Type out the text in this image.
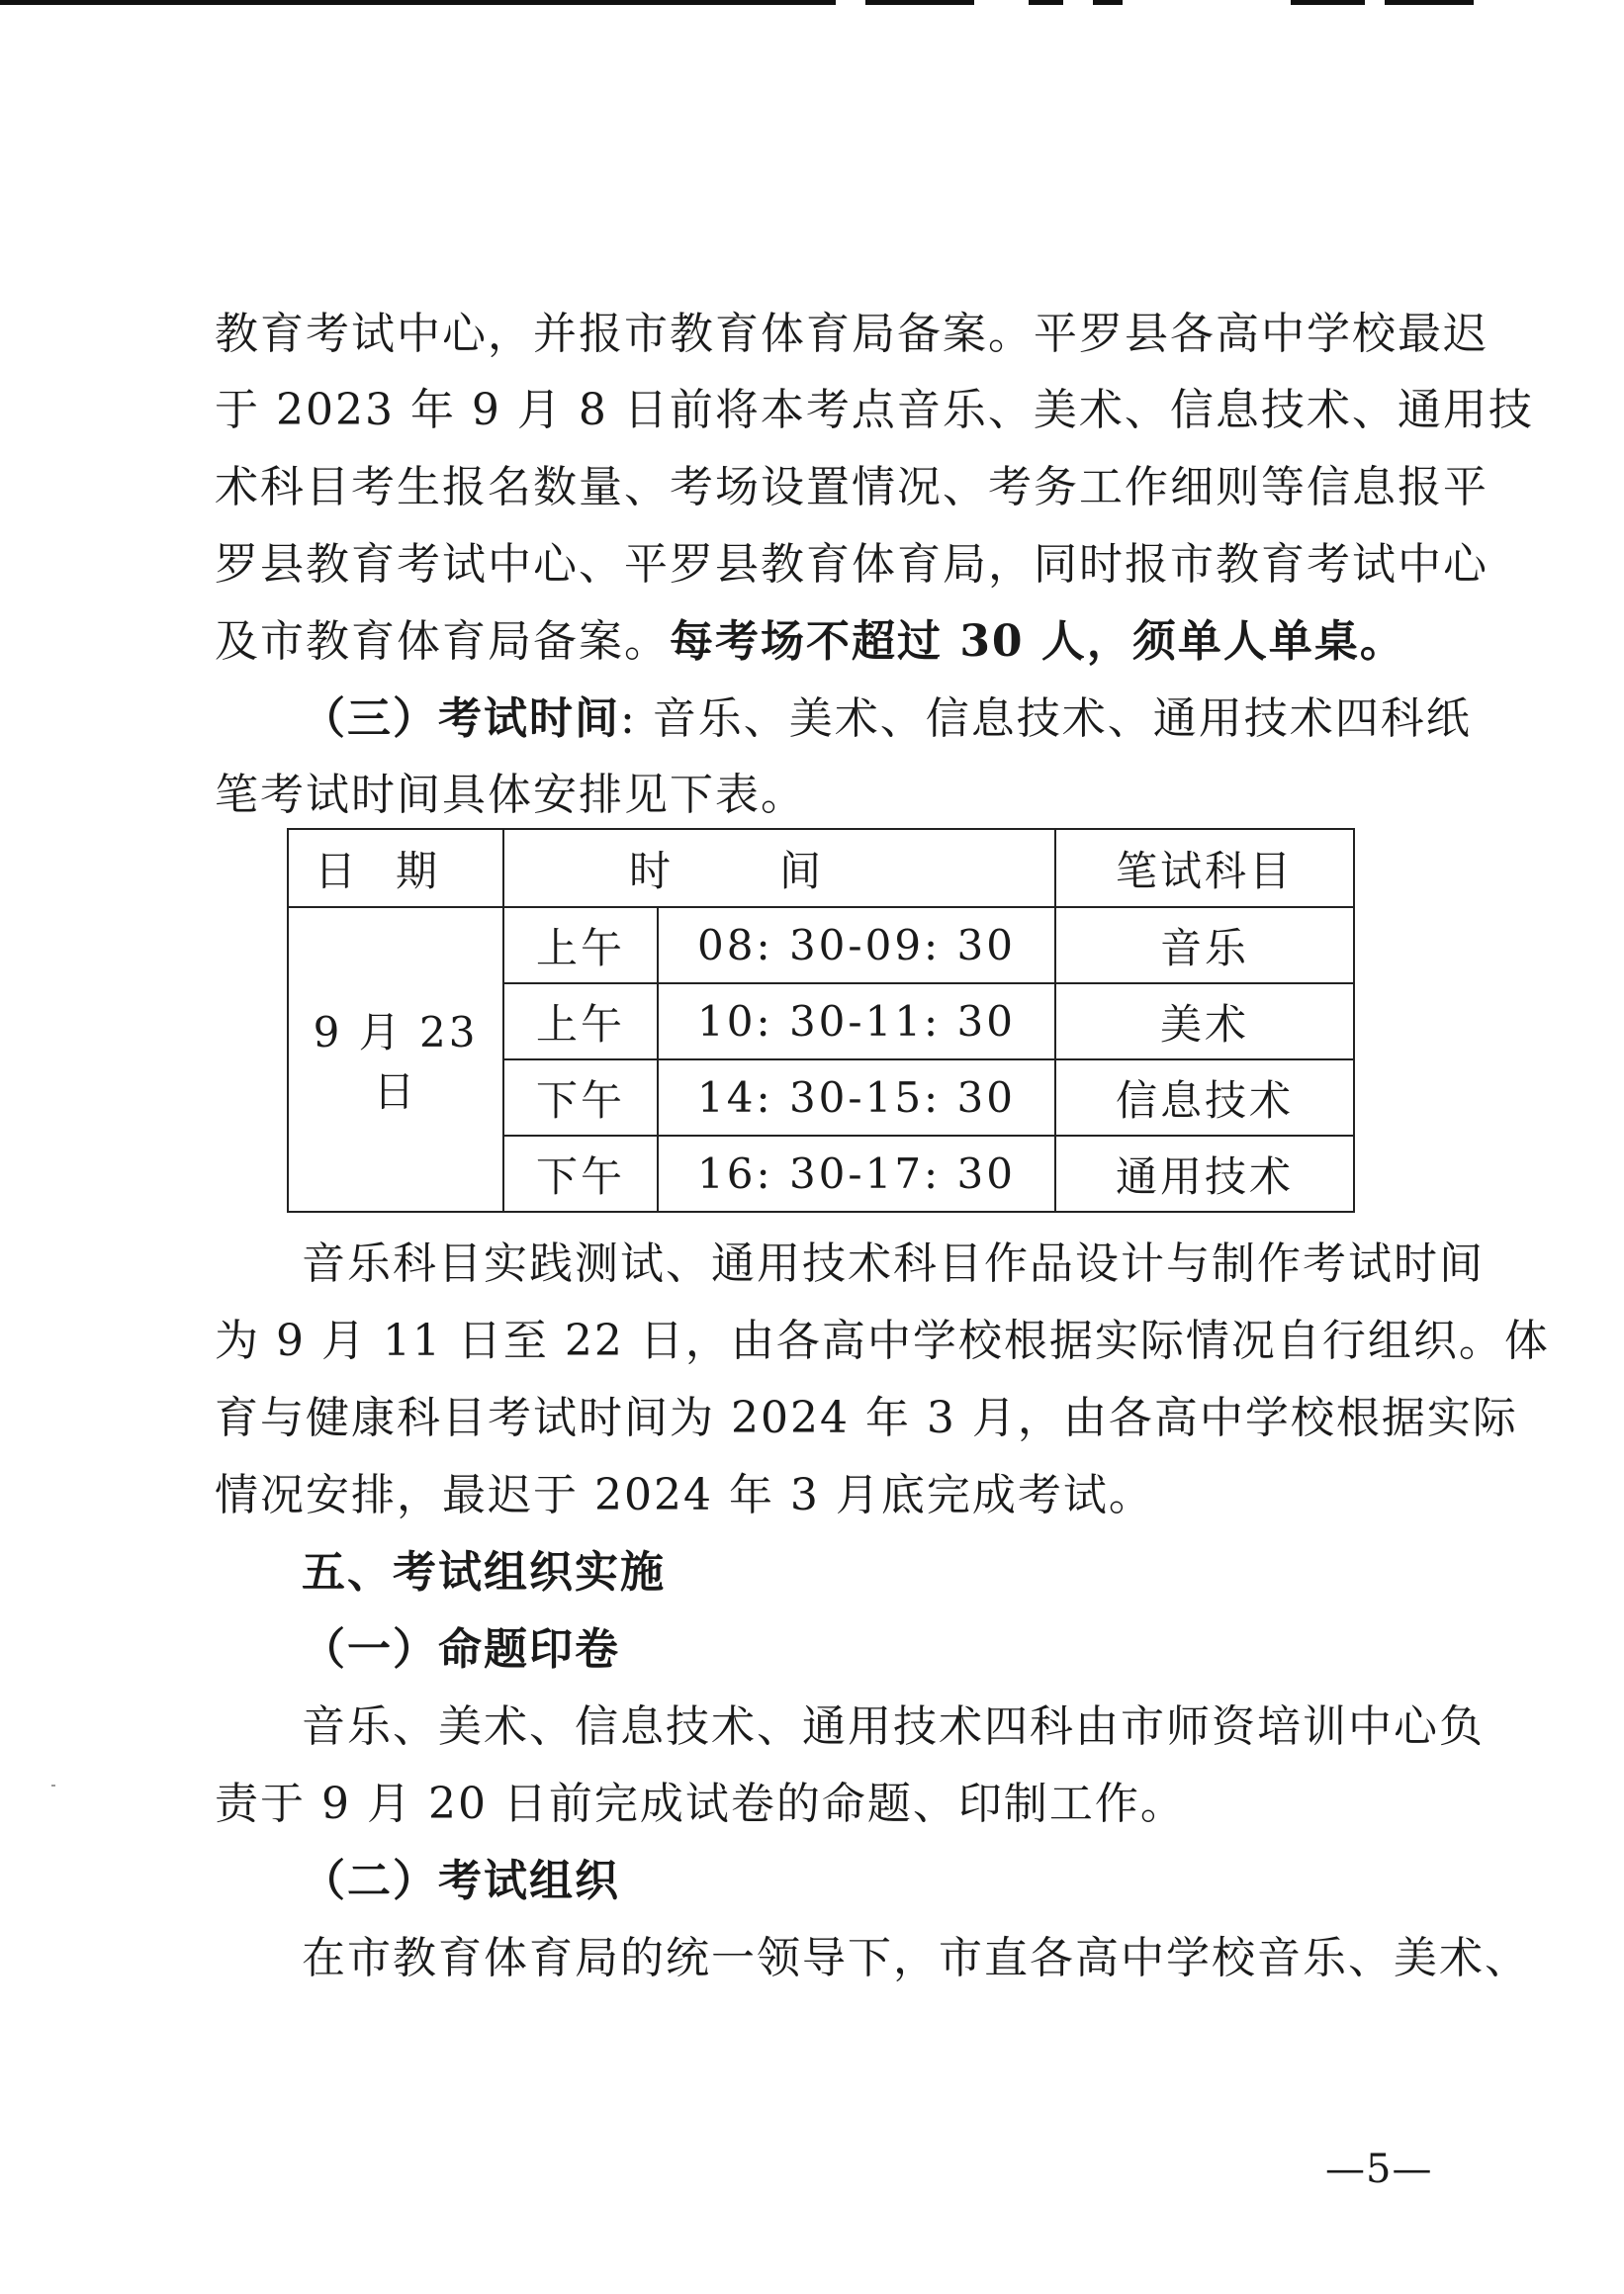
教育考试中心，并报市教育体育局备案。平罗县各高中学校最迟
于 2023 年 9 月 8 日前将本考点音乐、美术、信息技术、通用技
术科目考生报名数量、考场设置情况、考务工作细则等信息报平
罗县教育考试中心、平罗县教育体育局，同时报市教育考试中心
及市教育体育局备案。每考场不超过 30 人，须单人单桌。
（三）考试时间: 音乐、美术、信息技术、通用技术四科纸
笔考试时间具体安排见下表。
日期	时间		笔试科目
9 月 23 日	上午	08: 30-09: 30	音乐
	上午	10: 30-11: 30	美术
	下午	14: 30-15: 30	信息技术
	下午	16: 30-17: 30	通用技术
音乐科目实践测试、通用技术科目作品设计与制作考试时间
为 9 月 11 日至 22 日，由各高中学校根据实际情况自行组织。体
育与健康科目考试时间为 2024 年 3 月，由各高中学校根据实际
情况安排，最迟于 2024 年 3 月底完成考试。
五、考试组织实施
（一）命题印卷
音乐、美术、信息技术、通用技术四科由市师资培训中心负
责于 9 月 20 日前完成试卷的命题、印制工作。
（二）考试组织
在市教育体育局的统一领导下，市直各高中学校音乐、美术、
—5—
